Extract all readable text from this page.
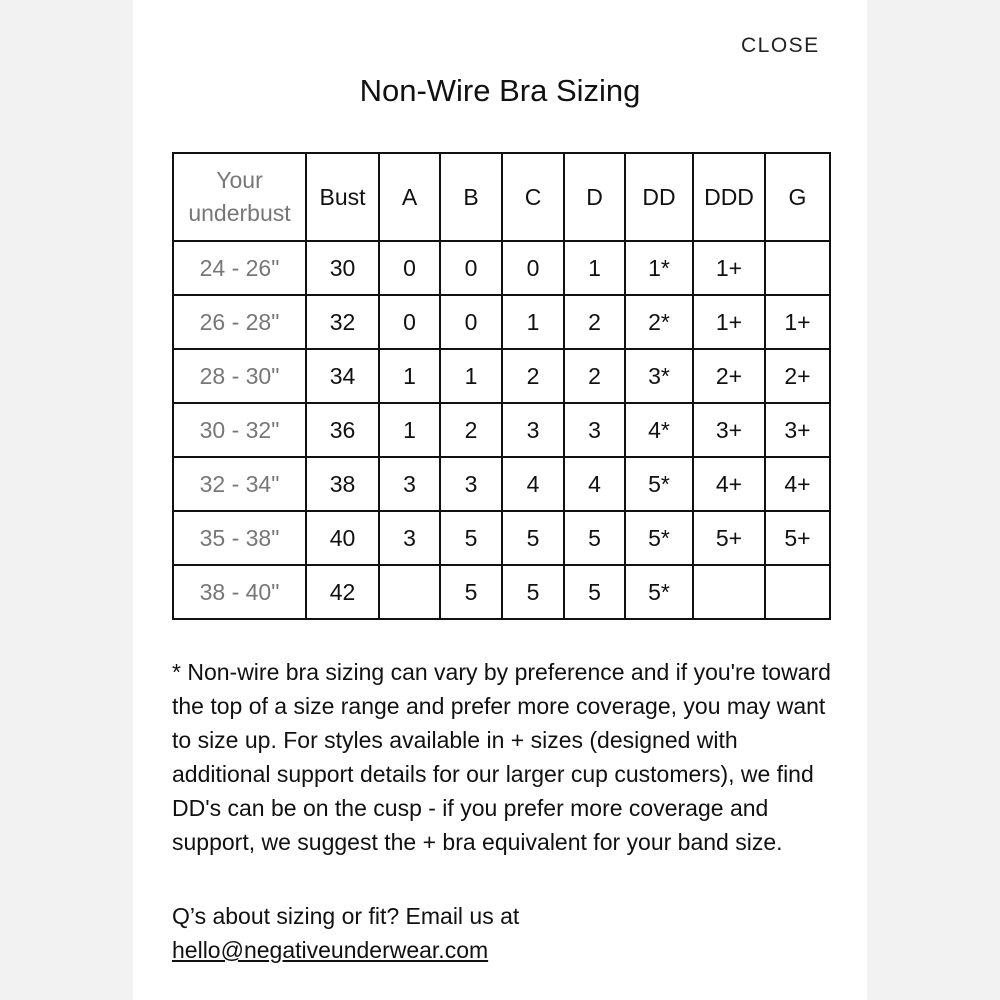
CLOSE
Non-Wire Bra Sizing
Your
underbust	Bust	A	B	C	D	DD	DDD	G
24 - 26"	30	0	0	0	1	1*	1+	
26 - 28"	32	0	0	1	2	2*	1+	1+
28 - 30"	34	1	1	2	2	3*	2+	2+
30 - 32"	36	1	2	3	3	4*	3+	3+
32 - 34"	38	3	3	4	4	5*	4+	4+
35 - 38"	40	3	5	5	5	5*	5+	5+
38 - 40"	42		5	5	5	5*		

* Non-wire bra sizing can vary by preference and if you're toward the top of a size range and prefer more coverage, you may want to size up. For styles available in + sizes (designed with additional support details for our larger cup customers), we find DD's can be on the cusp - if you prefer more coverage and support, we suggest the + bra equivalent for your band size.

Q’s about sizing or fit? Email us at
hello@negativeunderwear.com
